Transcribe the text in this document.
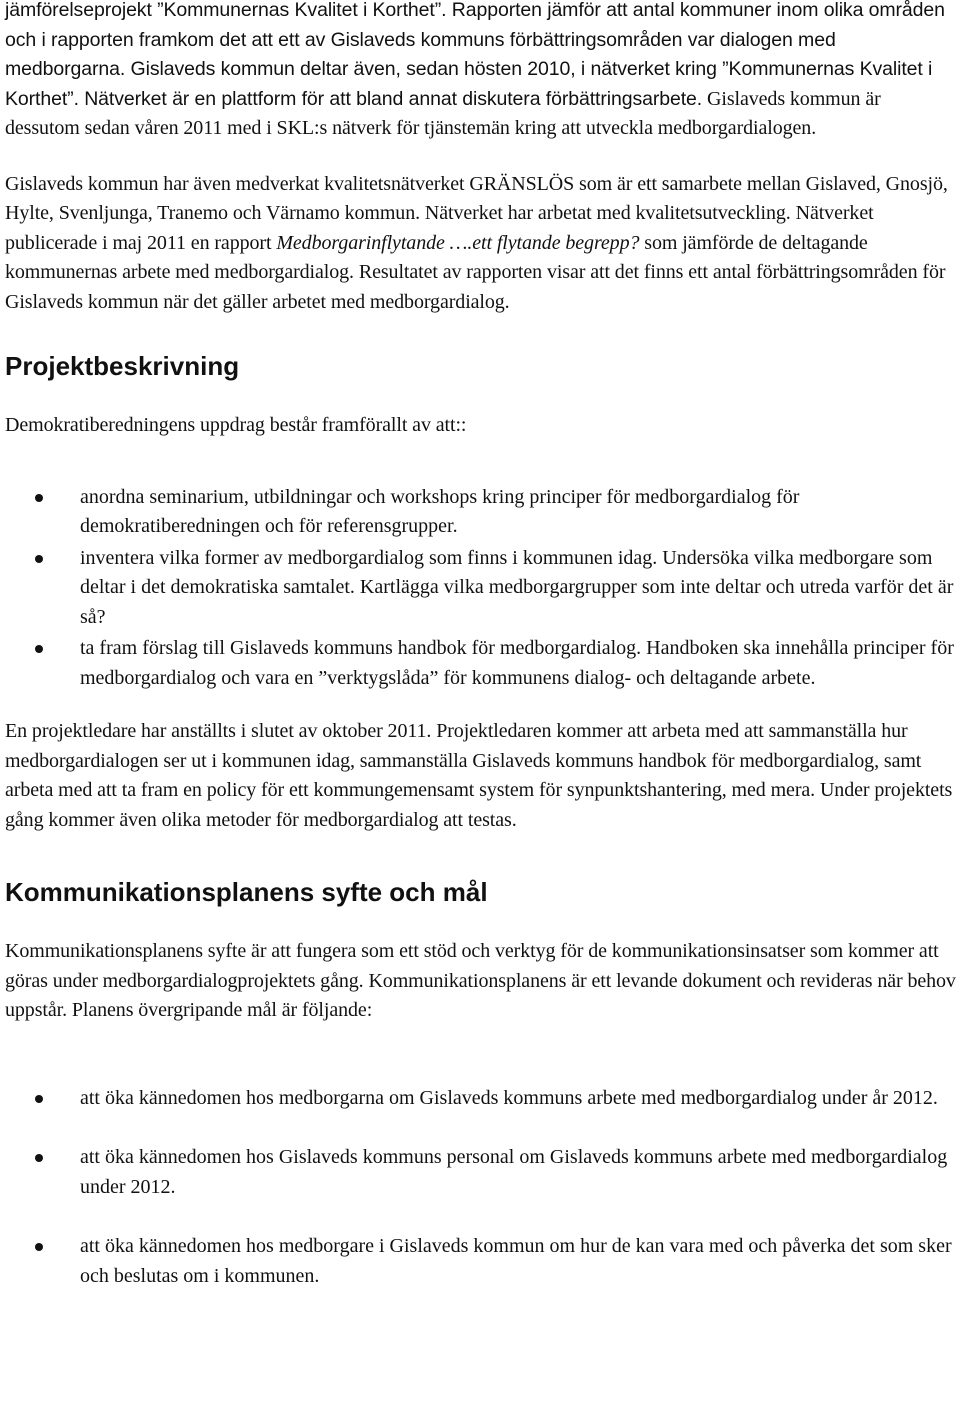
jämförelseprojekt ”Kommunernas Kvalitet i Korthet”. Rapporten jämför att antal kommuner inom olika områden och i rapporten framkom det att ett av Gislaveds kommuns förbättringsområden var dialogen med medborgarna. Gislaveds kommun deltar även, sedan hösten 2010, i nätverket kring ”Kommunernas Kvalitet i Korthet”. Nätverket är en plattform för att bland annat diskutera förbättringsarbete. Gislaveds kommun är dessutom sedan våren 2011 med i SKL:s nätverk för tjänstemän kring att utveckla medborgardialogen.

Gislaveds kommun har även medverkat kvalitetsnätverket GRÄNSLÖS som är ett samarbete mellan Gislaved, Gnosjö, Hylte, Svenljunga, Tranemo och Värnamo kommun. Nätverket har arbetat med kvalitetsutveckling. Nätverket publicerade i maj 2011 en rapport Medborgarinflytande ….ett flytande begrepp? som jämförde de deltagande kommunernas arbete med medborgardialog. Resultatet av rapporten visar att det finns ett antal förbättringsområden för Gislaveds kommun när det gäller arbetet med medborgardialog.

Projektbeskrivning

Demokratiberedningens uppdrag består framförallt av att::

anordna seminarium, utbildningar och workshops kring principer för medborgardialog för demokratiberedningen och för referensgrupper.
inventera vilka former av medborgardialog som finns i kommunen idag. Undersöka vilka medborgare som deltar i det demokratiska samtalet. Kartlägga vilka medborgargrupper som inte deltar och utreda varför det är så?
ta fram förslag till Gislaveds kommuns handbok för medborgardialog. Handboken ska innehålla principer för medborgardialog och vara en ”verktygslåda” för kommunens dialog- och deltagande arbete.

En projektledare har anställts i slutet av oktober 2011. Projektledaren kommer att arbeta med att sammanställa hur medborgardialogen ser ut i kommunen idag, sammanställa Gislaveds kommuns handbok för medborgardialog, samt arbeta med att ta fram en policy för ett kommungemensamt system för synpunktshantering, med mera. Under projektets gång kommer även olika metoder för medborgardialog att testas.

Kommunikationsplanens syfte och mål

Kommunikationsplanens syfte är att fungera som ett stöd och verktyg för de kommunikationsinsatser som kommer att göras under medborgardialogprojektets gång. Kommunikationsplanens är ett levande dokument och revideras när behov uppstår. Planens övergripande mål är följande:

att öka kännedomen hos medborgarna om Gislaveds kommuns arbete med medborgardialog under år 2012.
att öka kännedomen hos Gislaveds kommuns personal om Gislaveds kommuns arbete med medborgardialog under 2012.
att öka kännedomen hos medborgare i Gislaveds kommun om hur de kan vara med och påverka det som sker och beslutas om i kommunen.
